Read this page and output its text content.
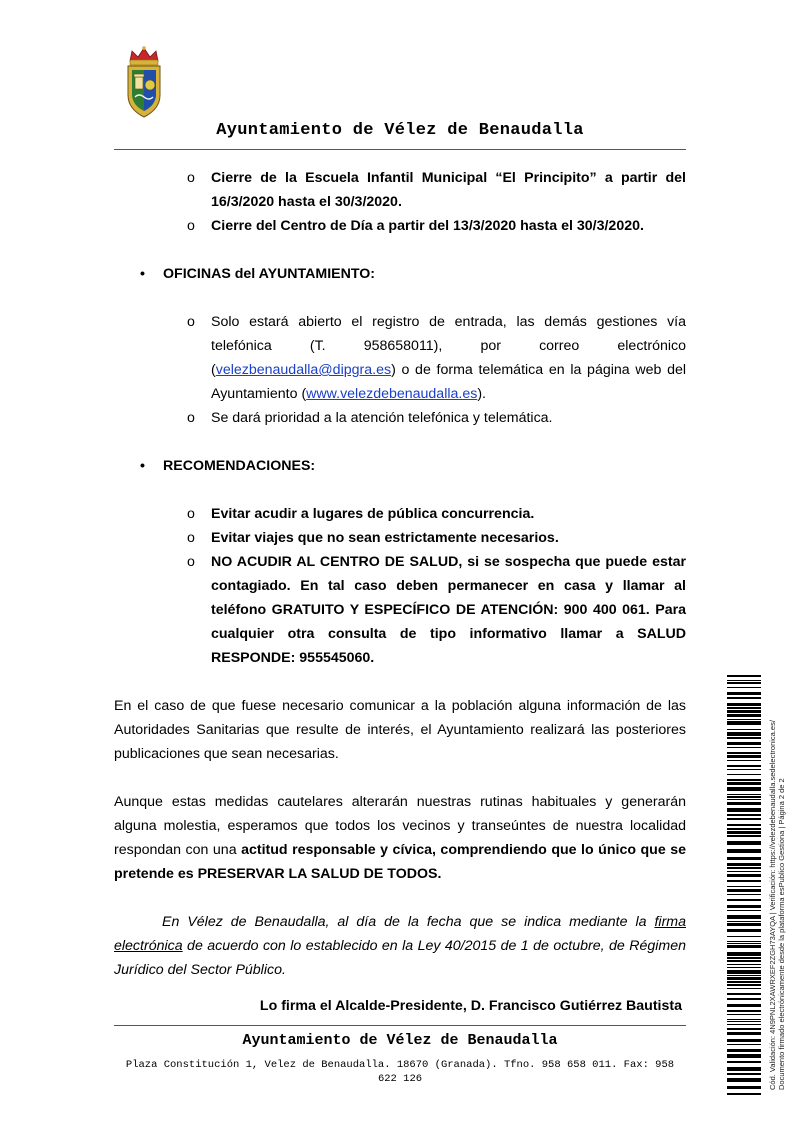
Ayuntamiento de Vélez de Benaudalla
o Cierre de la Escuela Infantil Municipal “El Principito” a partir del 16/3/2020 hasta el 30/3/2020.
o Cierre del Centro de Día a partir del 13/3/2020 hasta el 30/3/2020.
• OFICINAS del AYUNTAMIENTO:
o Solo estará abierto el registro de entrada, las demás gestiones vía telefónica (T. 958658011), por correo electrónico (velezbenaudalla@dipgra.es) o de forma telemática en la página web del Ayuntamiento (www.velezdebenaudalla.es).
o Se dará prioridad a la atención telefónica y telemática.
• RECOMENDACIONES:
o Evitar acudir a lugares de pública concurrencia.
o Evitar viajes que no sean estrictamente necesarios.
o NO ACUDIR AL CENTRO DE SALUD, si se sospecha que puede estar contagiado. En tal caso deben permanecer en casa y llamar al teléfono GRATUITO Y ESPECÍFICO DE ATENCIÓN: 900 400 061. Para cualquier otra consulta de tipo informativo llamar a SALUD RESPONDE: 955545060.
En el caso de que fuese necesario comunicar a la población alguna información de las Autoridades Sanitarias que resulte de interés, el Ayuntamiento realizará las posteriores publicaciones que sean necesarias.
Aunque estas medidas cautelares alterarán nuestras rutinas habituales y generarán alguna molestia, esperamos que todos los vecinos y transeúntes de nuestra localidad respondan con una actitud responsable y cívica, comprendiendo que lo único que se pretende es PRESERVAR LA SALUD DE TODOS.
En Vélez de Benaudalla, al día de la fecha que se indica mediante la firma electrónica de acuerdo con lo establecido en la Ley 40/2015 de 1 de octubre, de Régimen Jurídico del Sector Público.
Lo firma el Alcalde-Presidente, D. Francisco Gutiérrez Bautista
Ayuntamiento de Vélez de Benaudalla
Plaza Constitución 1, Velez de Benaudalla. 18670 (Granada). Tfno. 958 658 011. Fax: 958 622 126	Cód. Validación: 4N9PNL2XAWRXEF2ZGH73AYQA | Verificación: https://velezdebenaudalla.sedelectronica.es/ Documento firmado electrónicamente desde la plataforma esPublico Gestiona | Página 2 de 2
